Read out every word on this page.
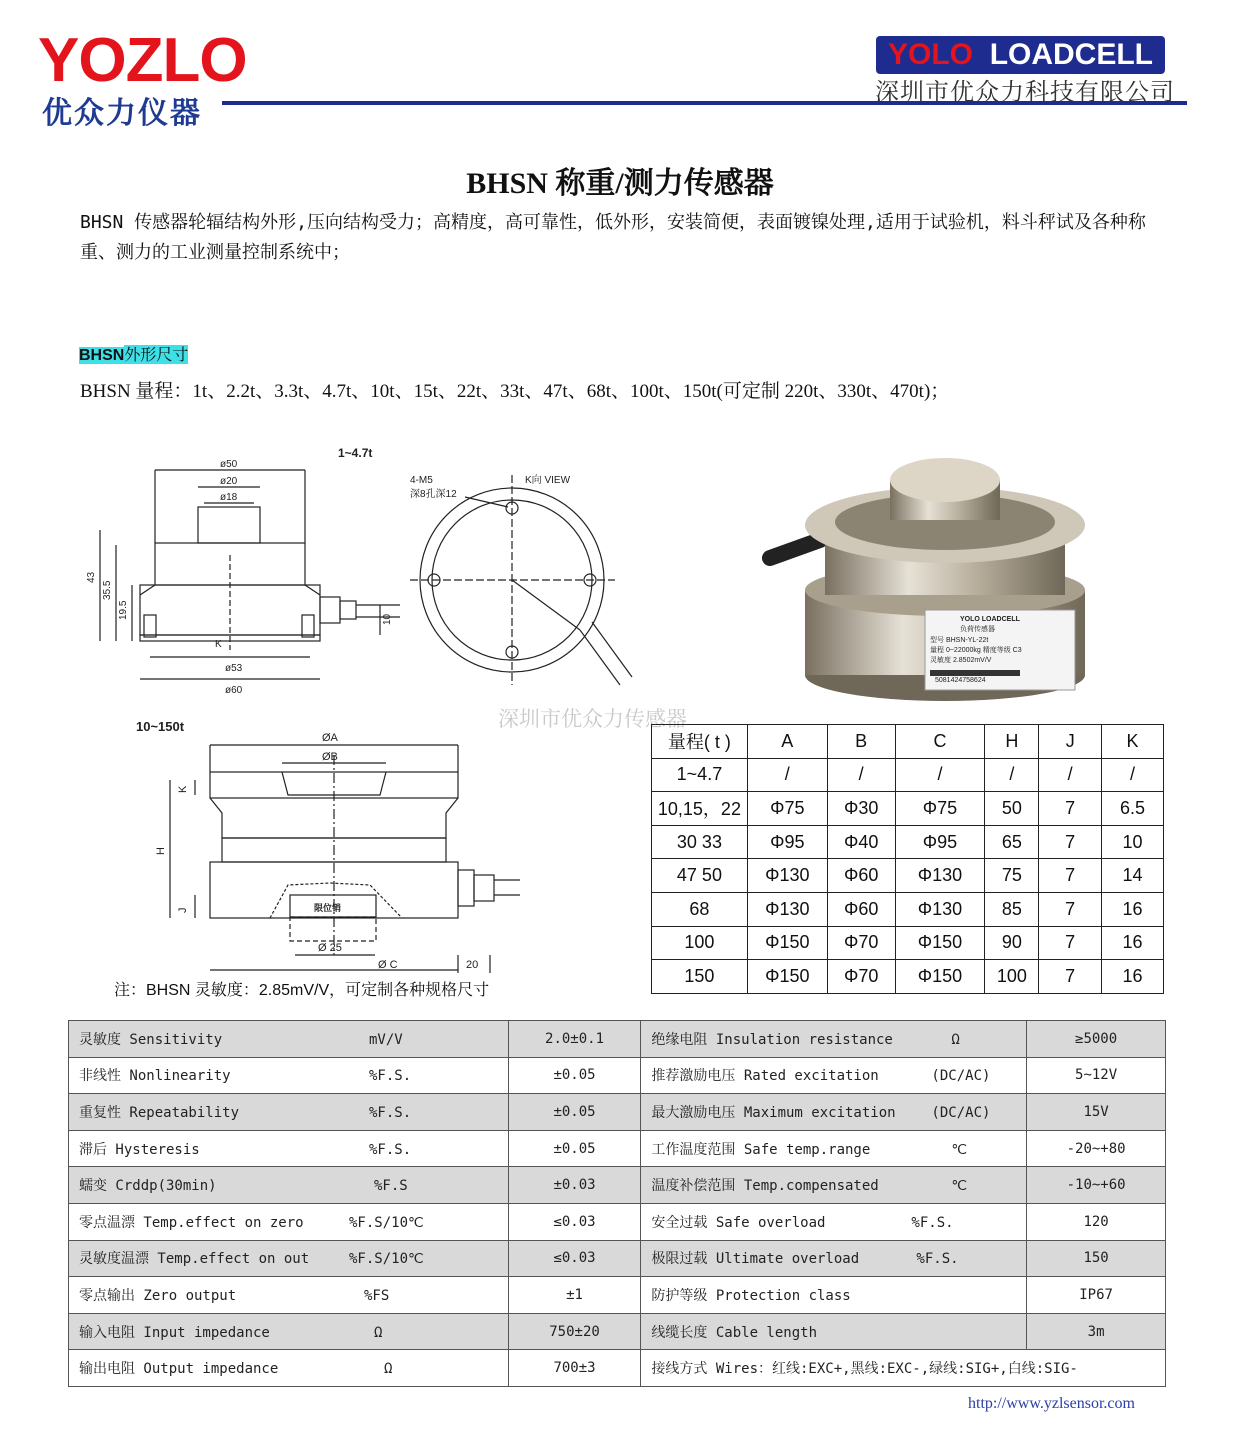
YOZLO
优众力仪器
YOLO LOADCELL
深圳市优众力科技有限公司
BHSN 称重/测力传感器
BHSN 传感器轮辐结构外形,压向结构受力；高精度，高可靠性，低外形，安装简便，表面镀镍处理,适用于试验机，料斗秤试及各种称重、测力的工业测量控制系统中；
BHSN外形尺寸
BHSN 量程：1t、2.2t、3.3t、4.7t、10t、15t、22t、33t、47t、68t、100t、150t(可定制 220t、330t、470t)；
ø50
ø20
ø18
43
35.5
19.5
K
ø53
ø60
10
1~4.7t
4-M5
深8孔深12
K向 VIEW
YOLO LOADCELL
负荷传感器
型号 BHSN-YL-22t
量程 0~22000kg 精度等级 C3
灵敏度 2.8502mV/V
5081424758624
深圳市优众力传感器
10~150t
ØA
ØB
K
H
J	限位销
Ø 25
Ø C	20
注：BHSN 灵敏度：2.85mV/V，可定制各种规格尺寸
量程( t )	A	B	C	H	J	K
1~4.7	/	/	/	/	/	/
10,15，22	Φ75	Φ30	Φ75	50	7	6.5
30 33	Φ95	Φ40	Φ95	65	7	10
47 50	Φ130	Φ60	Φ130	75	7	14
68	Φ130	Φ60	Φ130	85	7	16
100	Φ150	Φ70	Φ150	90	7	16
150	Φ150	Φ70	Φ150	100	7	16
灵敏度 Sensitivity mV/V	2.0±0.1	绝缘电阻 Insulation resistance Ω	≥5000
非线性 Nonlinearity %F.S.	±0.05	推荐激励电压 Rated excitation (DC/AC)	5~12V
重复性 Repeatability %F.S.	±0.05	最大激励电压 Maximum excitation (DC/AC)	15V
滞后 Hysteresis %F.S.	±0.05	工作温度范围 Safe temp.range ℃	-20~+80
蠕变 Crddp(30min) %F.S	±0.03	温度补偿范围 Temp.compensated ℃	-10~+60
零点温漂 Temp.effect on zero %F.S/10℃	≤0.03	安全过载 Safe overload %F.S.	120
灵敏度温漂 Temp.effect on out %F.S/10℃	≤0.03	极限过载 Ultimate overload %F.S.	150
零点输出 Zero output %FS	±1	防护等级 Protection class	IP67
输入电阻 Input impedance Ω	750±20	线缆长度 Cable length	3m
输出电阻 Output impedance Ω	700±3	接线方式 Wires：红线:EXC+,黑线:EXC-,绿线:SIG+,白线:SIG-	
http://www.yzlsensor.com
